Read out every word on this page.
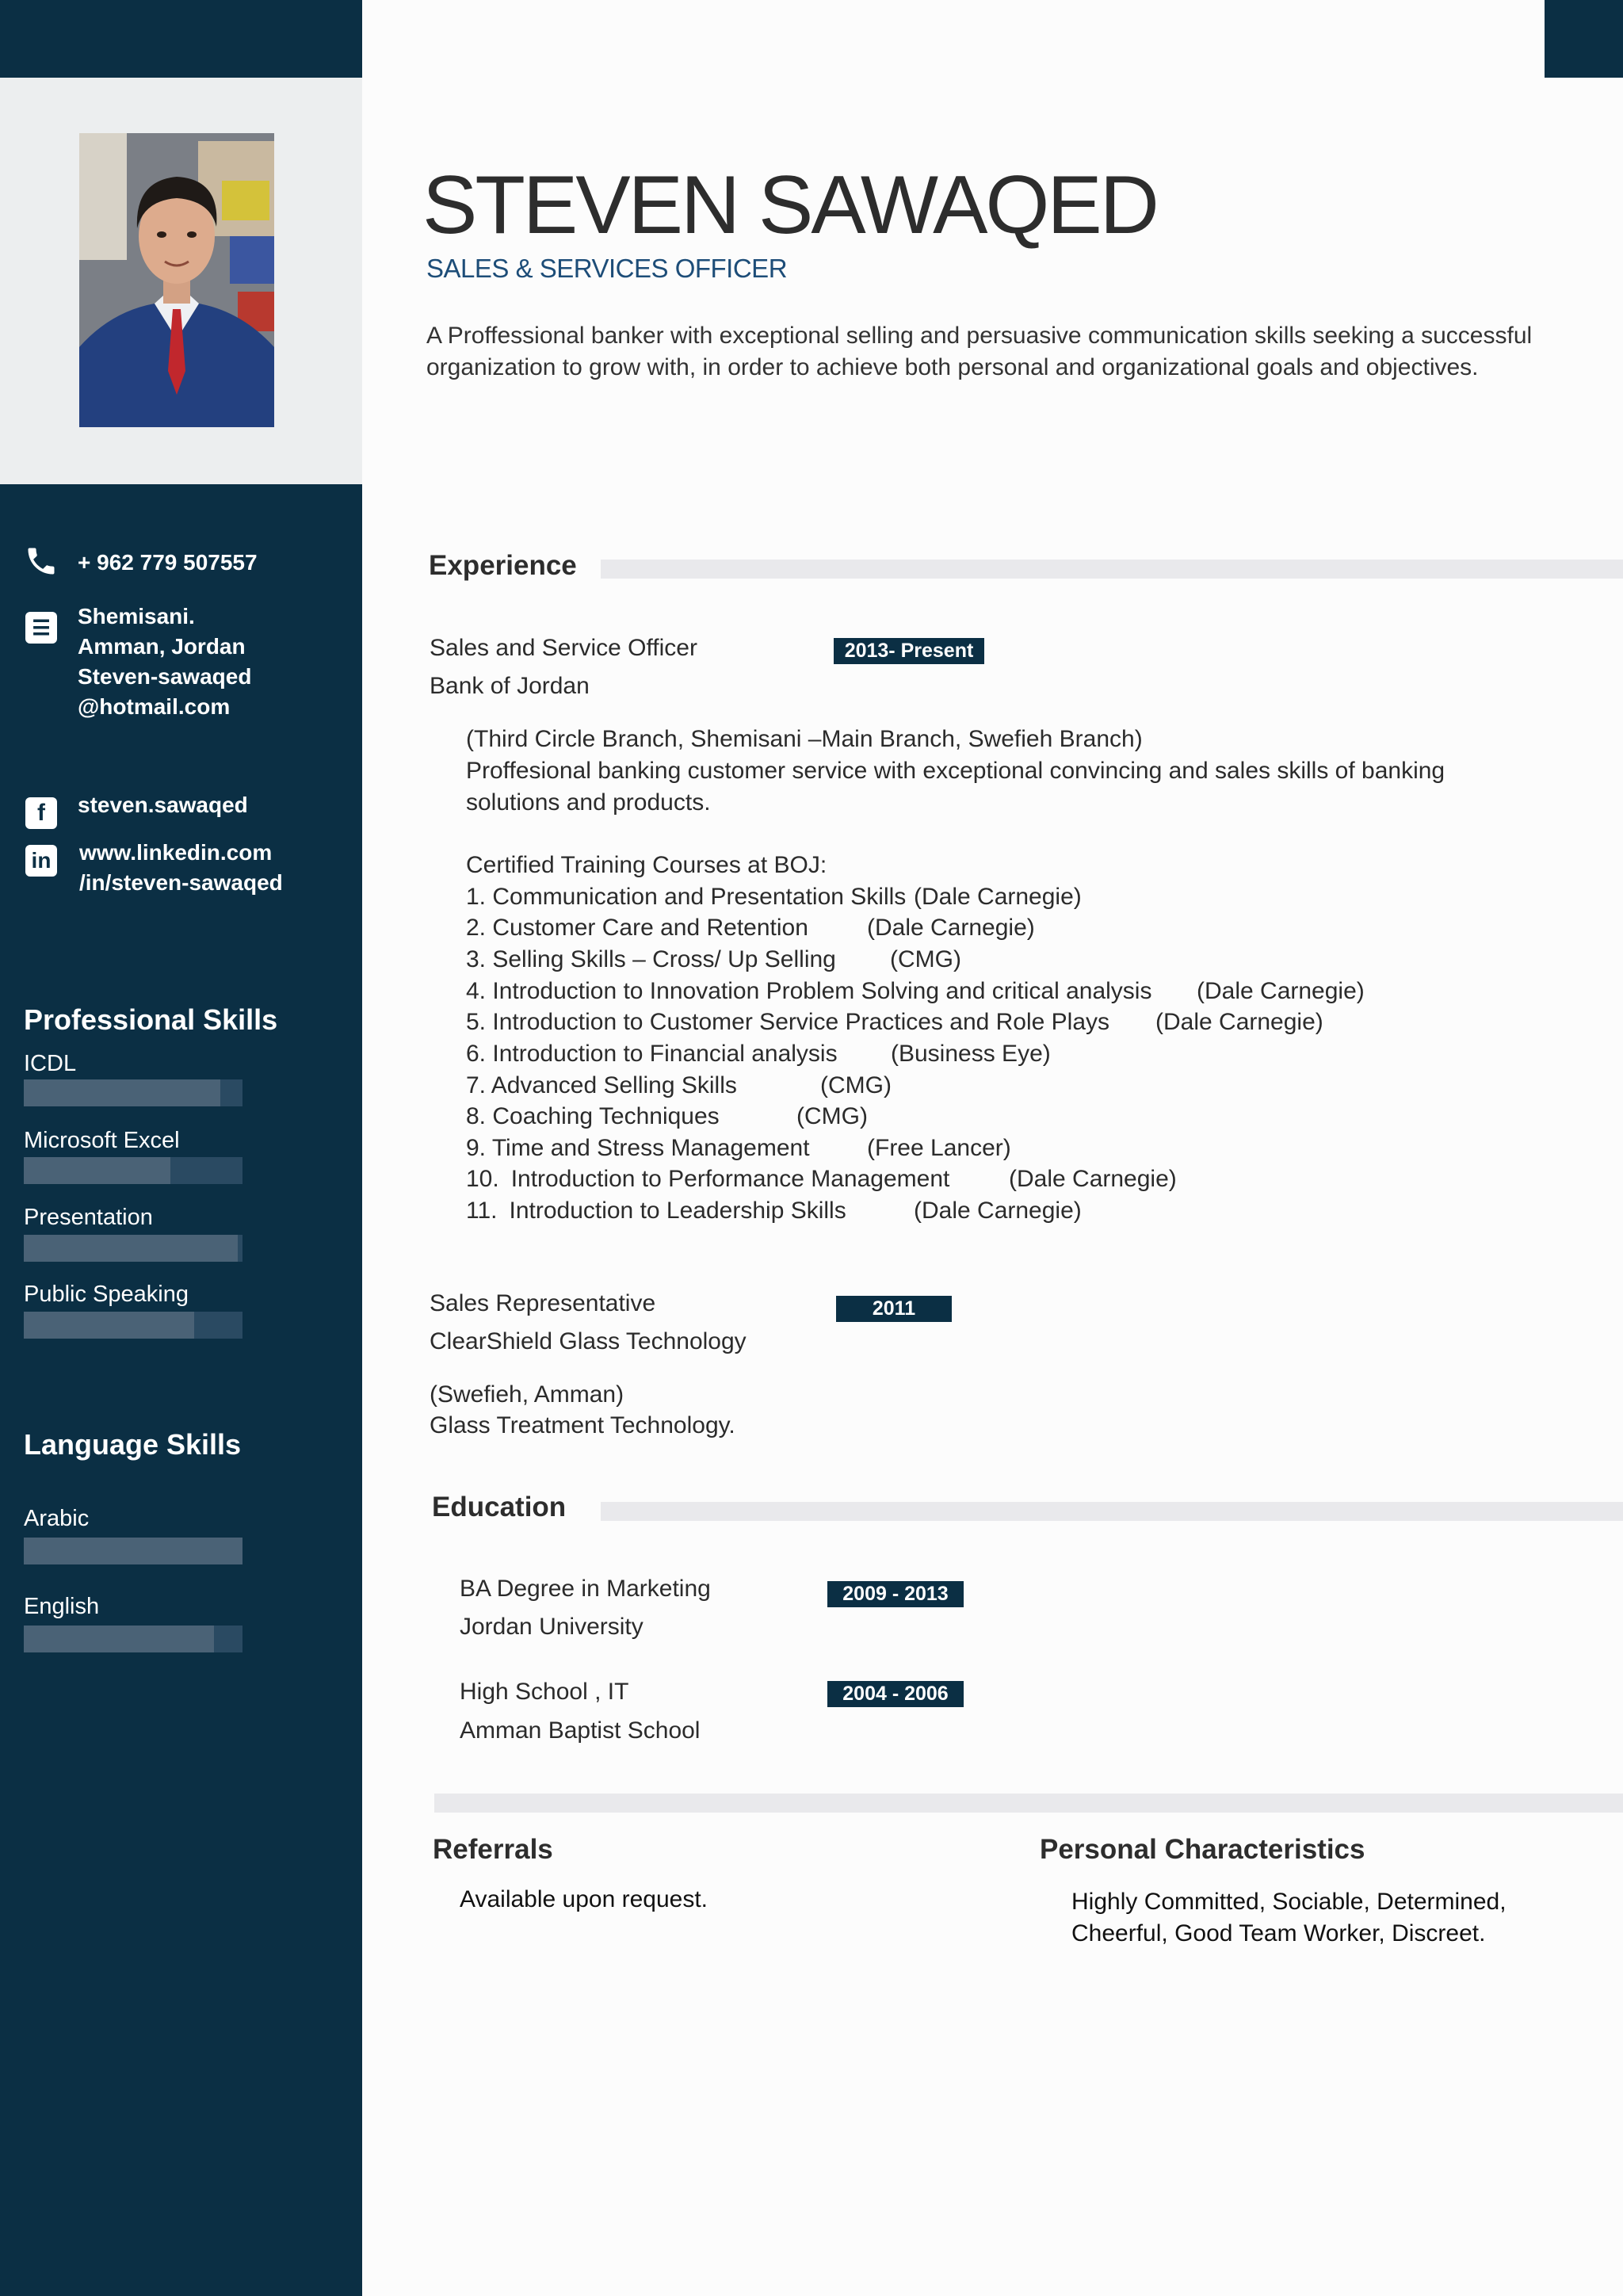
+ 962 779 507557
☰ Shemisani.
Amman, Jordan
Steven-sawaqed
@hotmail.com
f	steven.sawaqed
in www.linkedin.com
/in/steven-sawaqed
Professional Skills
ICDL
Microsoft Excel
Presentation
Public Speaking
Language Skills
Arabic
English
STEVEN SAWAQED
SALES & SERVICES OFFICER
A Proffessional banker with exceptional selling and persuasive communication skills seeking a successful organization to grow with, in order to achieve both personal and organizational goals and objectives.
Experience
Sales and Service Officer	2013- Present
Bank of Jordan
(Third Circle Branch, Shemisani –Main Branch, Swefieh Branch)
Proffesional banking customer service with exceptional convincing and sales skills of banking
solutions and products.
Certified Training Courses at BOJ:
1. Communication and Presentation Skills (Dale Carnegie)
2. Customer Care and Retention (Dale Carnegie)
3. Selling Skills – Cross/ Up Selling (CMG)
4. Introduction to Innovation Problem Solving and critical analysis (Dale Carnegie)
5. Introduction to Customer Service Practices and Role Plays (Dale Carnegie)
6. Introduction to Financial analysis (Business Eye)
7. Advanced Selling Skills	(CMG)
8. Coaching Techniques	(CMG)
9. Time and Stress Management (Free Lancer)
10. Introduction to Performance Management (Dale Carnegie)
11. Introduction to Leadership Skills	(Dale Carnegie)
Sales Representative	2011
ClearShield Glass Technology
(Swefieh, Amman)
Glass Treatment Technology.
Education
BA Degree in Marketing	2009 - 2013
Jordan University
High School , IT	2004 - 2006
Amman Baptist School
Referrals
Available upon request.
Personal Characteristics
Highly Committed, Sociable, Determined,
Cheerful, Good Team Worker, Discreet.
